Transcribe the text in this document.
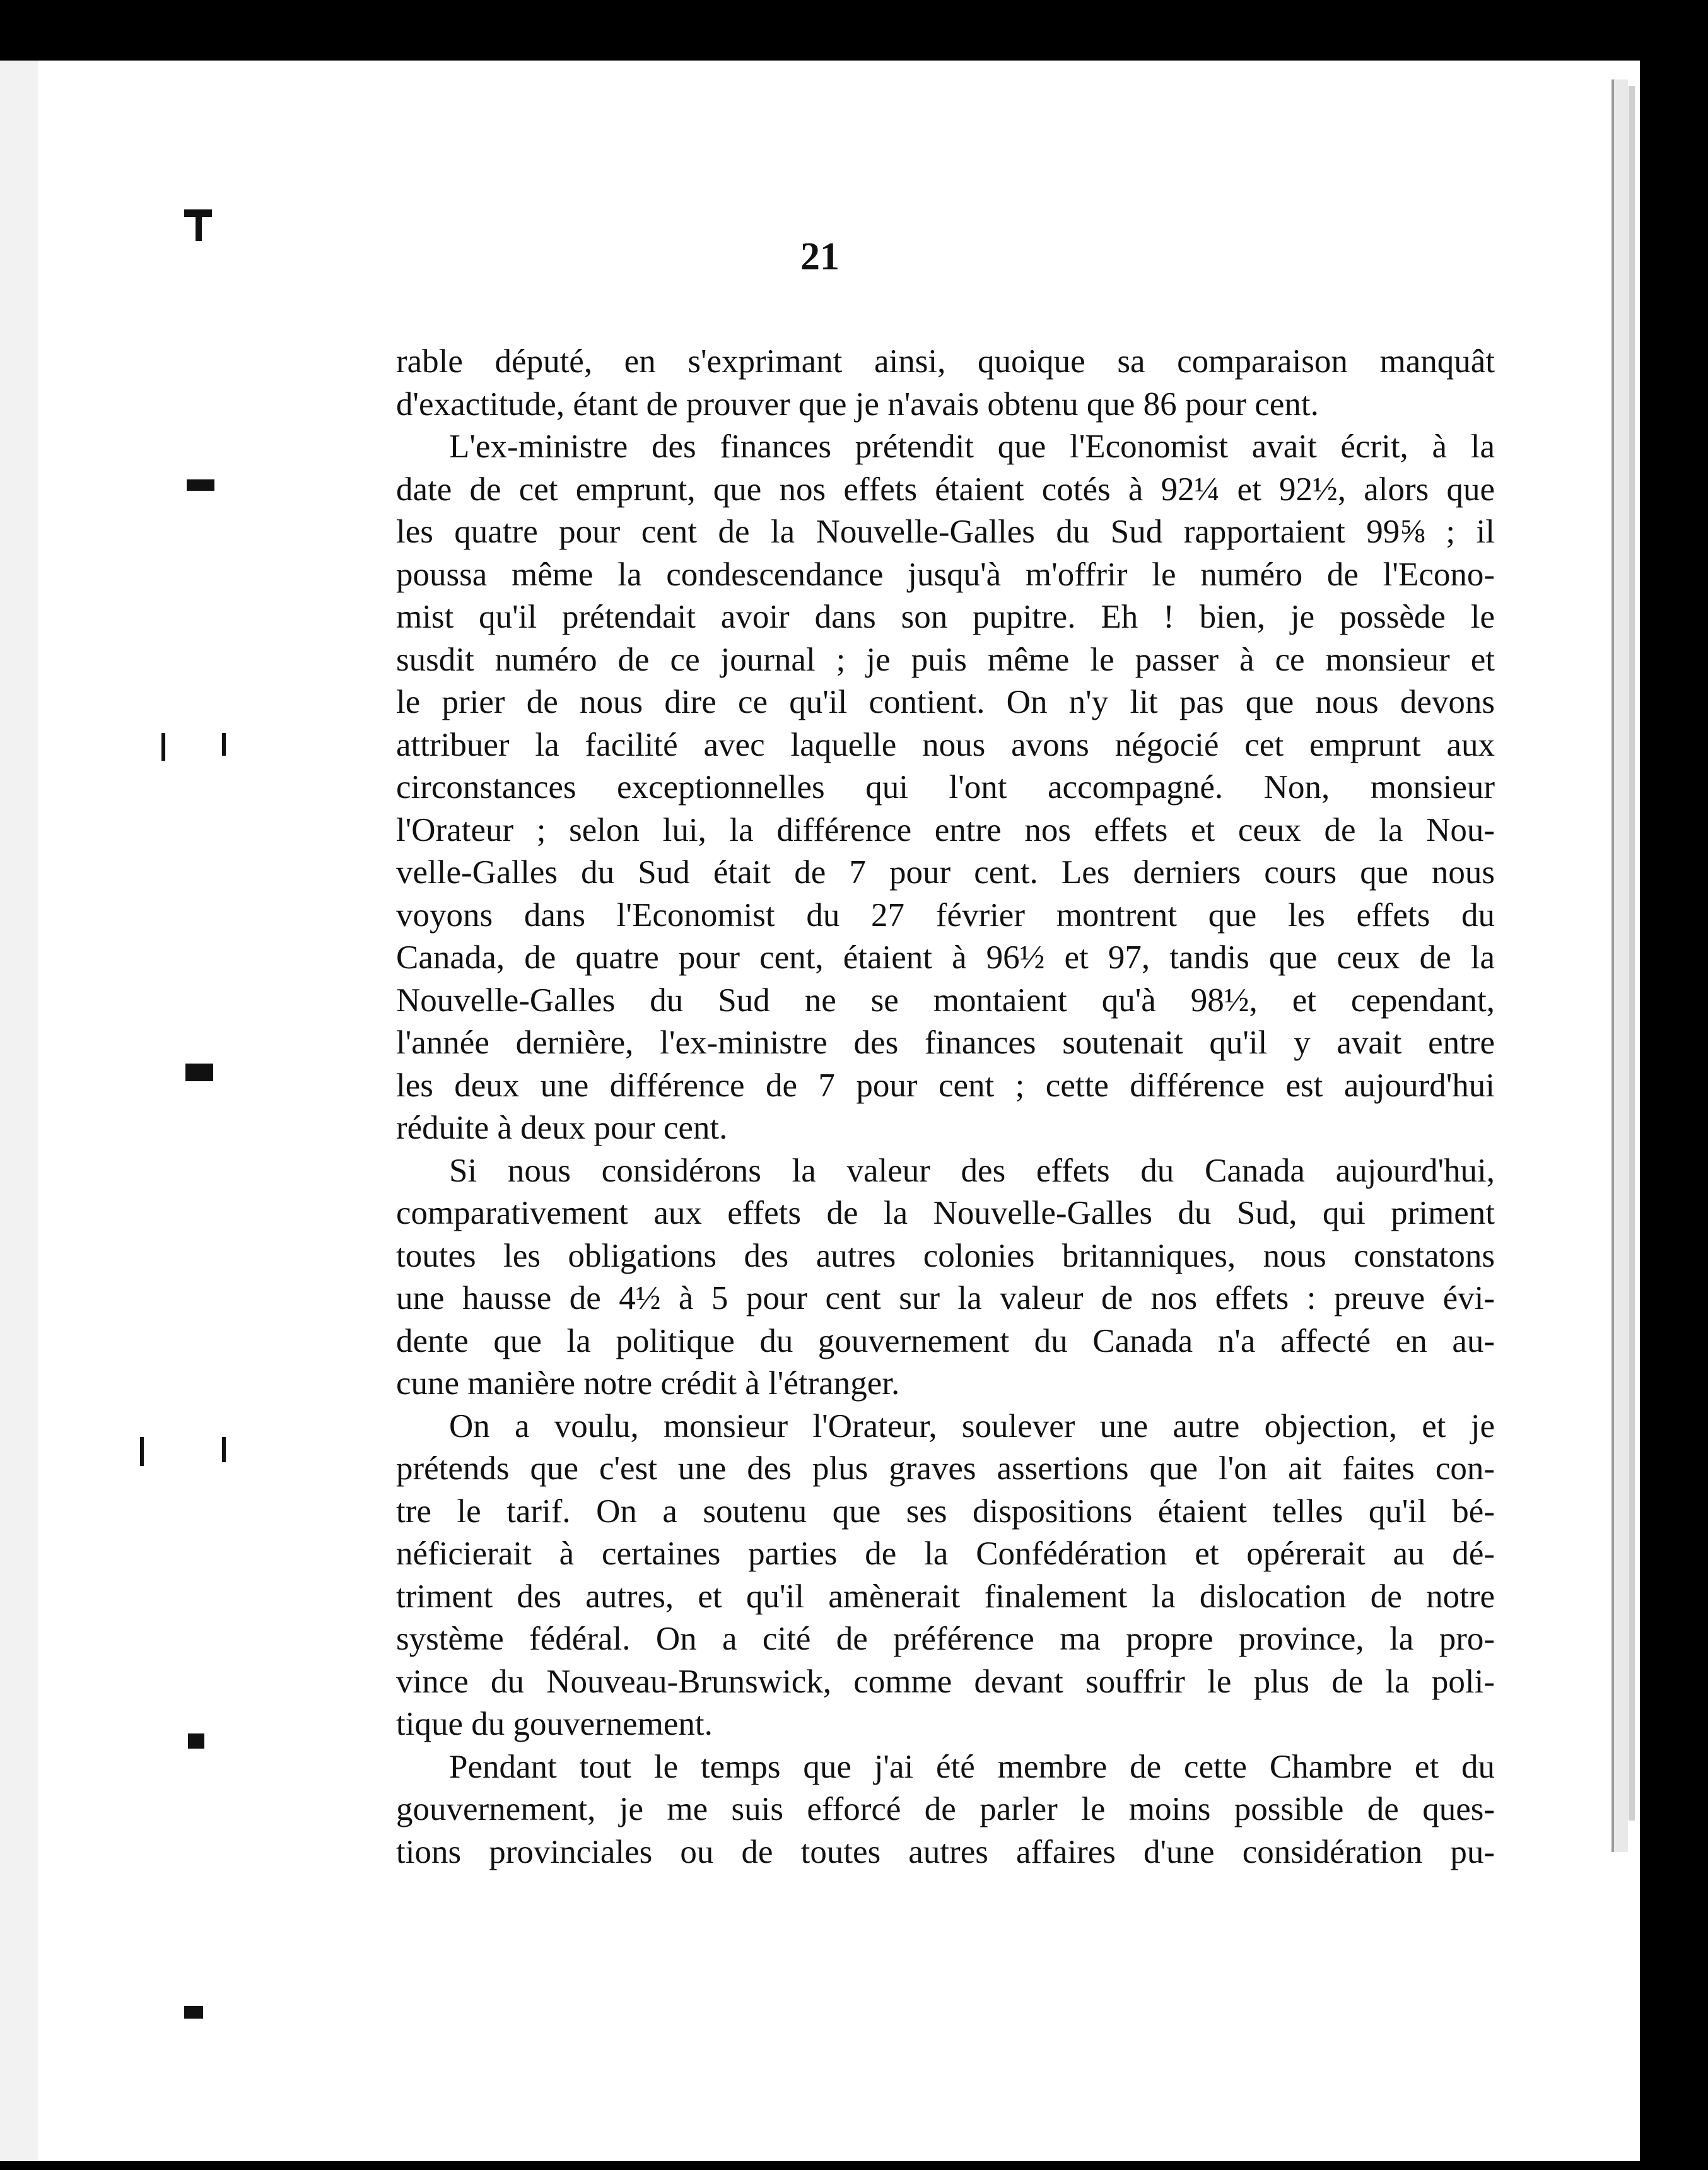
21
rable député, en s'exprimant ainsi, quoique sa comparaison manquât
d'exactitude, étant de prouver que je n'avais obtenu que 86 pour cent.
L'ex-ministre des finances prétendit que l'Economist avait écrit, à la
date de cet emprunt, que nos effets étaient cotés à 92¼ et 92½, alors que
les quatre pour cent de la Nouvelle-Galles du Sud rapportaient 99⅝ ; il
poussa même la condescendance jusqu'à m'offrir le numéro de l'Econo-
mist qu'il prétendait avoir dans son pupitre. Eh ! bien, je possède le
susdit numéro de ce journal ; je puis même le passer à ce monsieur et
le prier de nous dire ce qu'il contient. On n'y lit pas que nous devons
attribuer la facilité avec laquelle nous avons négocié cet emprunt aux
circonstances exceptionnelles qui l'ont accompagné. Non, monsieur
l'Orateur ; selon lui, la différence entre nos effets et ceux de la Nou-
velle-Galles du Sud était de 7 pour cent. Les derniers cours que nous
voyons dans l'Economist du 27 février montrent que les effets du
Canada, de quatre pour cent, étaient à 96½ et 97, tandis que ceux de la
Nouvelle-Galles du Sud ne se montaient qu'à 98½, et cependant,
l'année dernière, l'ex-ministre des finances soutenait qu'il y avait entre
les deux une différence de 7 pour cent ; cette différence est aujourd'hui
réduite à deux pour cent.
Si nous considérons la valeur des effets du Canada aujourd'hui,
comparativement aux effets de la Nouvelle-Galles du Sud, qui priment
toutes les obligations des autres colonies britanniques, nous constatons
une hausse de 4½ à 5 pour cent sur la valeur de nos effets : preuve évi-
dente que la politique du gouvernement du Canada n'a affecté en au-
cune manière notre crédit à l'étranger.
On a voulu, monsieur l'Orateur, soulever une autre objection, et je
prétends que c'est une des plus graves assertions que l'on ait faites con-
tre le tarif. On a soutenu que ses dispositions étaient telles qu'il bé-
néficierait à certaines parties de la Confédération et opérerait au dé-
triment des autres, et qu'il amènerait finalement la dislocation de notre
système fédéral. On a cité de préférence ma propre province, la pro-
vince du Nouveau-Brunswick, comme devant souffrir le plus de la poli-
tique du gouvernement.
Pendant tout le temps que j'ai été membre de cette Chambre et du
gouvernement, je me suis efforcé de parler le moins possible de ques-
tions provinciales ou de toutes autres affaires d'une considération pu-
